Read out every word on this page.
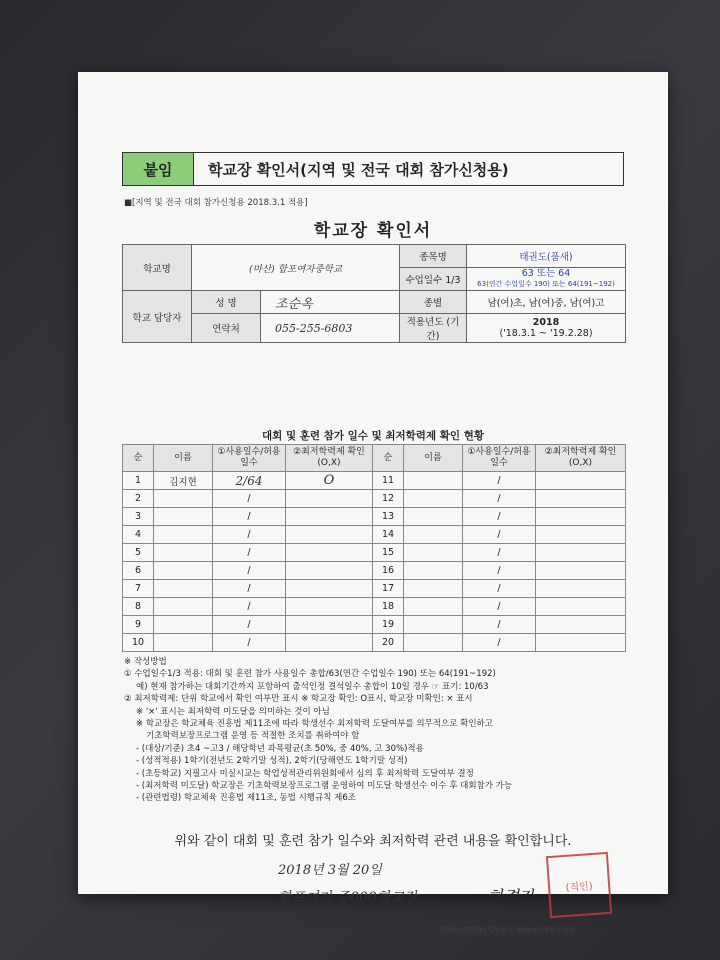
붙임	학교장 확인서(지역 및 전국 대회 참가신청용)
■[지역 및 전국 대회 참가신청용 2018.3.1 적용]
학교장 확인서
학교명	(마산) 합포여자중학교		종목명	태권도(품새)
			수업일수 1/3	63 또는 64
63(연간 수업일수 190) 또는 64(191~192)

학교 담당자	성 명	조순옥	종별	남(여)초, 남(여)중, 남(여)고
	연락처	055-255-6803	적용년도 (기간)	2018
('18.3.1 ~ '19.2.28)
대회 및 훈련 참가 일수 및 최저학력제 확인 현황
순	이름	①사용일수/허용일수	②최저학력제 확인(O,X)	순	이름	①사용일수/허용일수	②최저학력제 확인(O,X)
1	김지현	2/64	O	11		/	
2		/		12		/	
3		/		13		/	
4		/		14		/	
5		/		15		/	
6		/		16		/	
7		/		17		/	
8		/		18		/	
9		/		19		/	
10		/		20		/	
※ 작성방법
① 수업일수1/3 적용: 대회 및 훈련 참가 사용일수 총합/63(연간 수업일수 190) 또는 64(191~192)
예) 현재 참가하는 대회기간까지 포함하여 출석인정 결석일수 총합이 10일 경우 ☞ 표기: 10/63
② 최저학력제: 단위 학교에서 확인 여부만 표시 ※ 학교장 확인: O표시, 학교장 미확인: × 표시
※ '×' 표시는 최저학력 미도달을 의미하는 것이 아님
※ 학교장은 학교체육 진흥법 제11조에 따라 학생선수 최저학력 도달여부를 의무적으로 확인하고
기초학력보장프로그램 운영 등 적절한 조치를 취하여야 함
- (대상/기준) 초4 ~고3 / 해당학년 과목평균(초 50%, 중 40%, 고 30%)적용
- (성적적용) 1학기(전년도 2학기말 성적), 2학기(당해연도 1학기말 성적)
- (초등학교) 지필고사 미실시교는 학업성적관리위원회에서 심의 후 최저학력 도달여부 결정
- (최저학력 미도달) 학교장은 기초학력보장프로그램 운영하여 미도달 학생선수 이수 후 대회참가 가능
- (관련법령) 학교체육 진흥법 제11조, 동법 시행규칙 제6조
위와 같이 대회 및 훈련 참가 일수와 최저학력 관련 내용을 확인합니다.
2018년 3월 20일
합포여자 중000학교장	하경자
(직인)
210㎜×297㎜[일반용지 60g/㎡(재활용품)]
